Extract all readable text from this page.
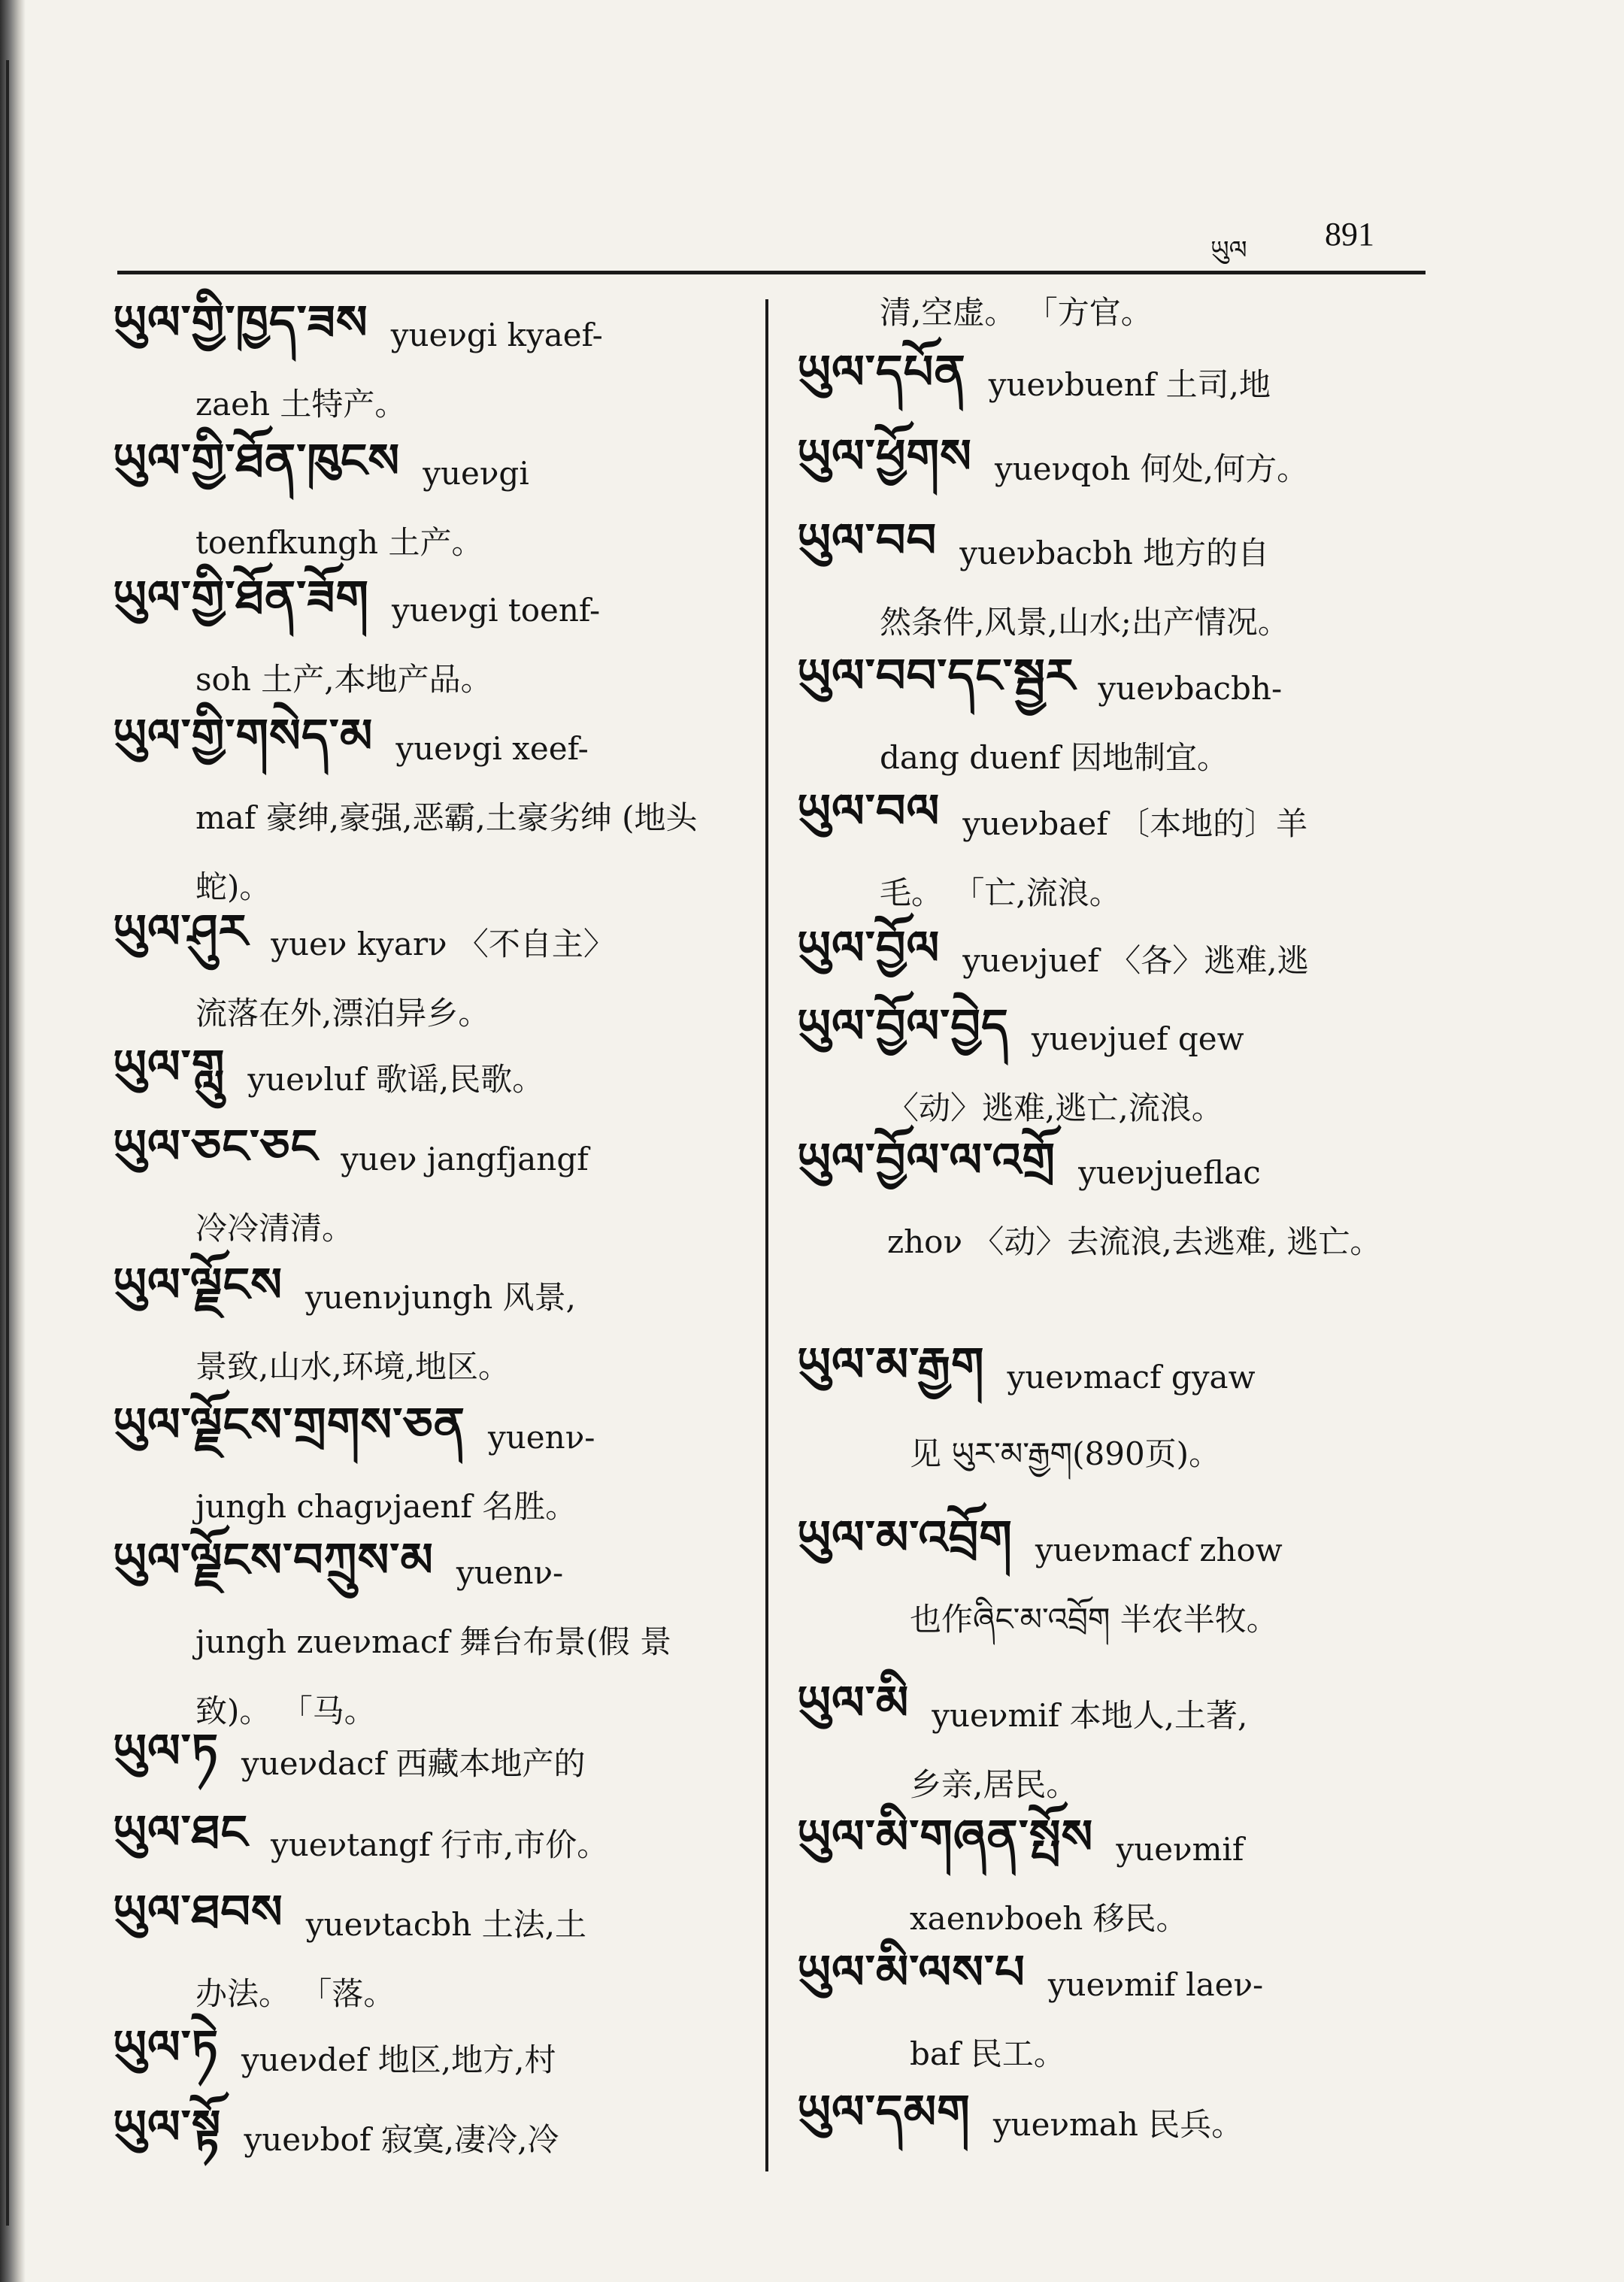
ཡུལ 891
ཡུལ་གྱི་ཁྱད་ཟས yueνgi kyaef-
zaeh 土特产。
ཡུལ་གྱི་ཐོན་ཁུངས yueνgi
toenfkungh 土产。
ཡུལ་གྱི་ཐོན་ཟོག yueνgi toenf-
soh 土产,本地产品。
ཡུལ་གྱི་གསེད་མ yueνgi xeef-
maf 豪绅,豪强,恶霸,土豪劣绅 (地头蛇)。
ཡུལ་ཤུར yueν kyarν 〈不自主〉
流落在外,漂泊异乡。
ཡུལ་གླུ yueνluf 歌谣,民歌。
ཡུལ་ཅང་ཅང yueν jangfjangf
冷冷清清。
ཡུལ་ལྗོངས yuenνjungh 风景,
景致,山水,环境,地区。
ཡུལ་ལྗོངས་གྲགས་ཅན yuenν-
jungh chagνjaenf 名胜。
ཡུལ་ལྗོངས་བཀྲུས་མ yuenν-
jungh zueνmacf 舞台布景(假 景致)。 「马。
ཡུལ་ཏ yueνdacf 西藏本地产的
ཡུལ་ཐང yueνtangf 行市,市价。
ཡུལ་ཐབས yueνtacbh 土法,土
办法。 「落。
ཡུལ་ཏེ yueνdef 地区,地方,村
ཡུལ་སྟོ yueνbof 寂寞,凄冷,冷
清,空虚。 「方官。
ཡུལ་དཔོན yueνbuenf 土司,地
ཡུལ་ཕྱོགས yueνqoh 何处,何方。
ཡུལ་བབ yueνbacbh 地方的自
然条件,风景,山水;出产情况。
ཡུལ་བབ་དང་སྦྱར yueνbacbh-
dang duenf 因地制宜。
ཡུལ་བལ yueνbaef 〔本地的〕羊
毛。 「亡,流浪。
ཡུལ་བྱོལ yueνjuef 〈各〉逃难,逃
ཡུལ་བྱོལ་བྱེད yueνjuef qew
〈动〉逃难,逃亡,流浪。
ཡུལ་བྱོལ་ལ་འགྲོ yueνjueflac
zhoν 〈动〉去流浪,去逃难, 逃亡。
ཡུལ་མ་རྒྱག yueνmacf gyaw
见 ཡུར་མ་རྒྱག(890页)。
ཡུལ་མ་འབྲོག yueνmacf zhow
也作ཞིང་མ་འབྲོག 半农半牧。
ཡུལ་མི yueνmif 本地人,土著,
乡亲,居民。
ཡུལ་མི་གཞན་སྤོས yueνmif
xaenνboeh 移民。
ཡུལ་མི་ལས་པ yueνmif laeν-
baf 民工。
ཡུལ་དམག yueνmah 民兵。
